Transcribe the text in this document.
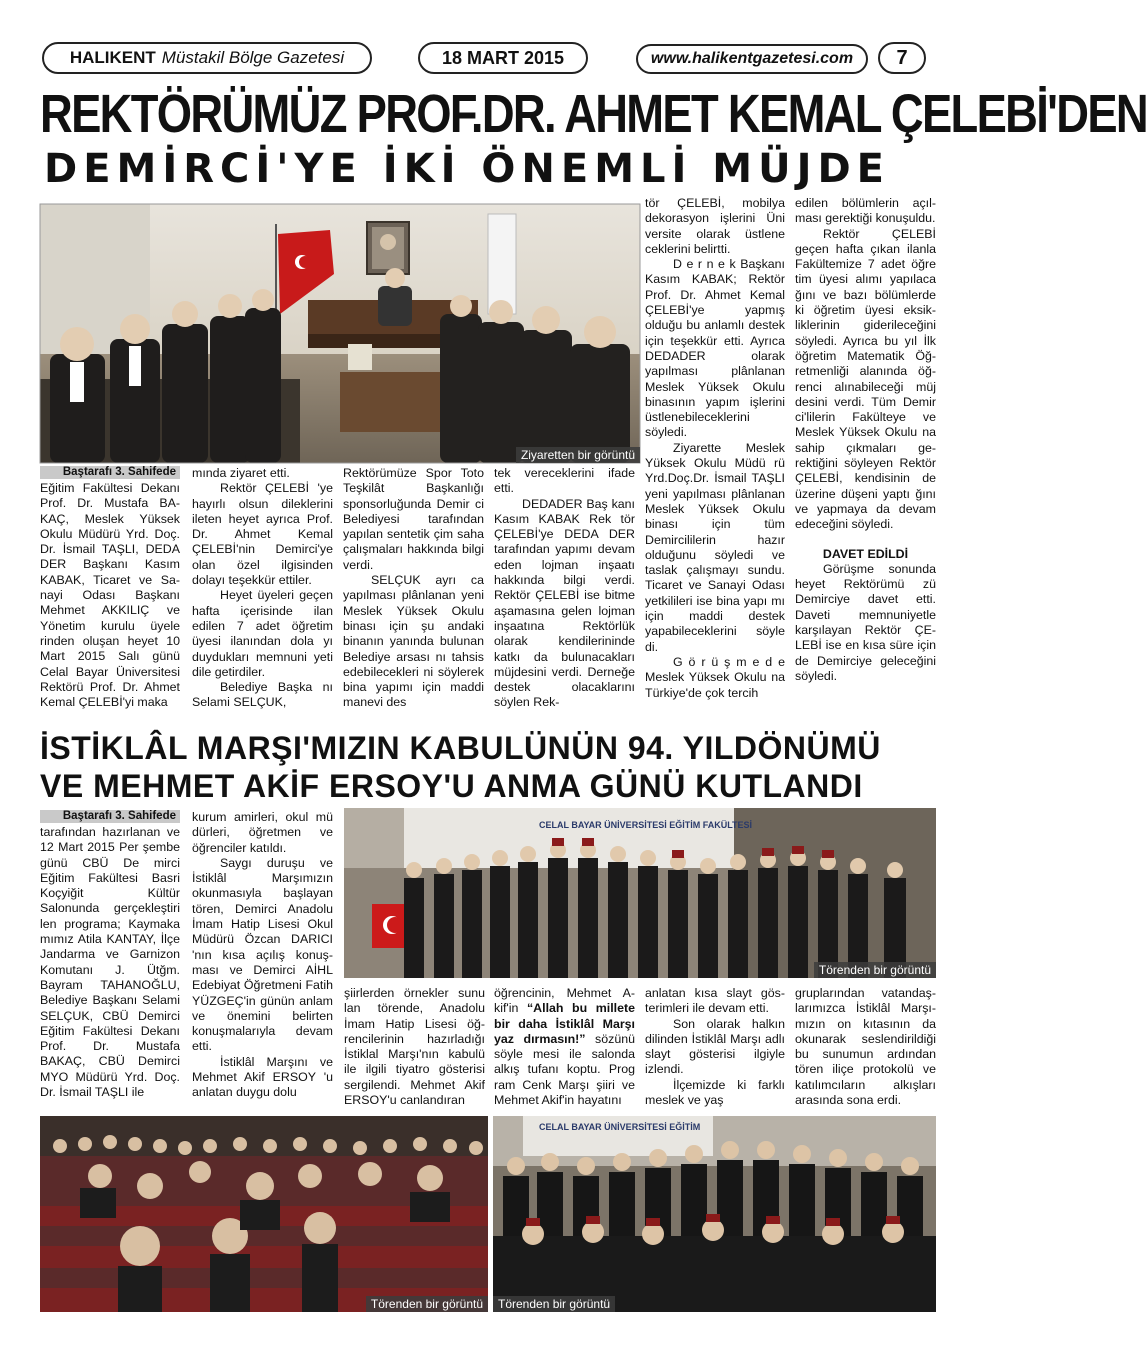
HALIKENT Müstakil Bölge Gazetesi	18 MART 2015	www.halikentgazetesi.com	7
REKTÖRÜMÜZ PROF.DR. AHMET KEMAL ÇELEBİ'DEN
DEMİRCİ'YE İKİ ÖNEMLİ MÜJDE
Ziyaretten bir görüntü
Baştarafı 3. Sahifede

Eğitim Fakültesi Dekanı Prof. Dr. Mustafa BAKAÇ, Meslek Yüksek Okulu Müdürü Yrd. Doç. Dr. İsmail TAŞLI, DEDA DER Başkanı Kasım KABAK, Ticaret ve Sanayi Odası Başkanı Mehmet AKKILIÇ ve Yönetim kurulu üyele rinden oluşan heyet 10 Mart 2015 Salı günü Celal Bayar Üniversitesi Rektörü Prof. Dr. Ahmet Kemal ÇELEBİ'yi maka

mında ziyaret etti.

Rektör ÇELEBİ 'ye hayırlı olsun dileklerini ileten heyet ayrıca Prof. Dr. Ahmet Kemal ÇELEBİ'nin Demirci'ye olan özel ilgisinden dolayı teşekkür ettiler.

Heyet üyeleri geçen hafta içerisinde ilan edilen 7 adet öğretim üyesi ilanından dola yı duydukları memnuni yeti dile getirdiler.

Belediye Başka nı Selami SELÇUK,

Rektörümüze Spor Toto Teşkilât Başkanlığı sponsorluğunda Demir ci Belediyesi tarafından yapılan sentetik çim saha çalışmaları hakkında bilgi verdi.

SELÇUK ayrı ca yapılması plânlanan yeni Meslek Yüksek Okulu binası için şu andaki binanın yanında bulunan Belediye arsası nı tahsis edebilecekleri ni söylerek bina yapımı için maddi manevi des

tek vereceklerini ifade etti.

DEDADER Baş kanı Kasım KABAK Rek tör ÇELEBİ'ye DEDA DER tarafından yapımı devam eden lojman inşaatı hakkında bilgi verdi. Rektör ÇELEBİ ise bitme aşamasına gelen lojman inşaatına Rektörlük olarak kendilerininde katkı da bulunacakları müjdesini verdi. Derneğe destek olacaklarını söylen Rek-

tör ÇELEBİ, mobilya dekorasyon işlerini Üni versite olarak üstlene ceklerini belirtti.

D e r n e k Başkanı Kasım KABAK; Rektör Prof. Dr. Ahmet Kemal ÇELEBİ'ye yapmış olduğu bu anlamlı destek için teşekkür etti. Ayrıca DEDADER olarak yapılması plânlanan Meslek Yüksek Okulu binasının yapım işlerini üstlenebileceklerini söyledi.

Ziyarette Meslek Yüksek Okulu Müdü rü Yrd.Doç.Dr. İsmail TAŞLI yeni yapılması plânlanan Meslek Yüksek Okulu binası için tüm Demircililerin hazır olduğunu söyledi ve taslak çalışmayı sundu. Ticaret ve Sanayi Odası yetkilileri ise bina yapı mı için maddi destek yapabileceklerini söyle di.

G ö r ü ş m e d e Meslek Yüksek Okulu na Türkiye'de çok tercih

edilen bölümlerin açılması gerektiği konuşuldu.

Rektör ÇELEBİ geçen hafta çıkan ilanla Fakültemize 7 adet öğre tim üyesi alımı yapılaca ğını ve bazı bölümlerde ki öğretim üyesi eksikliklerinin giderileceğini söyledi. Ayrıca bu yıl İlk öğretim Matematik Öğretmenliği alanında öğrenci alınabileceği müj desini verdi. Tüm Demir ci'lilerin Fakülteye ve Meslek Yüksek Okulu na sahip çıkmaları gerektiğini söyleyen Rektör ÇELEBİ, kendisinin de üzerine düşeni yaptı ğını ve yapmaya da devam edeceğini söyledi.

DAVET EDİLDİ

Görüşme sonunda heyet Rektörümü zü Demirciye davet etti. Daveti memnuniyetle karşılayan Rektör ÇELEBİ ise en kısa süre için de Demirciye geleceğini söyledi.

İSTİKLÂL MARŞI'MIZIN KABULÜNÜN 94. YILDÖNÜMÜ
VE MEHMET AKİF ERSOY'U ANMA GÜNÜ KUTLANDI
Baştarafı 3. Sahifede

tarafından hazırlanan ve 12 Mart 2015 Per şembe günü CBÜ De mirci Eğitim Fakültesi Basri Koçyiğit Kültür Salonunda gerçekleştiri len programa; Kaymaka mımız Atila KANTAY, İlçe Jandarma ve Garnizon Komutanı J. Ütğm. Bayram TAHANOĞLU, Belediye Başkanı Selami SELÇUK, CBÜ Demirci Eğitim Fakültesi Dekanı Prof. Dr. Mustafa BAKAÇ, CBÜ Demirci MYO Müdürü Yrd. Doç. Dr. İsmail TAŞLI ile

kurum amirleri, okul mü dürleri, öğretmen ve öğrenciler katıldı.

Saygı duruşu ve İstiklâl Marşımızın okunmasıyla başlayan tören, Demirci Anadolu İmam Hatip Lisesi Okul Müdürü Özcan DARICI 'nın kısa açılış konuşması ve Demirci AİHL Edebiyat Öğretmeni Fatih YÜZGEÇ'in günün anlam ve önemini belirten konuşmalarıyla devam etti.

İstiklâl Marşını ve Mehmet Akif ERSOY 'u anlatan duygu dolu

CELAL BAYAR ÜNİVERSİTESİ EĞİTİM FAKÜLTESİ
Törenden bir görüntü

şiirlerden örnekler sunu lan törende, Anadolu İmam Hatip Lisesi öğrencilerinin hazırladığı İstiklal Marşı'nın kabulü ile ilgili tiyatro gösterisi sergilendi. Mehmet Akif ERSOY'u canlandıran

öğrencinin, Mehmet Akif'in “Allah bu millete bir daha İstiklâl Marşı yaz dırmasın!” sözünü söyle mesi ile salonda alkış tufanı koptu. Prog ram Cenk Marşı şiiri ve Mehmet Akif'in hayatını

anlatan kısa slayt gösterimleri ile devam etti.

Son olarak halkın dilinden İstiklâl Marşı adlı slayt gösterisi ilgiyle izlendi.

İlçemizde ki farklı meslek ve yaş

gruplarından vatandaşlarımızca İstiklâl Marşımızın on kıtasının da okunarak seslendirildiği bu sunumun ardından tören iliçe protokolü ve katılımcıların alkışları arasında sona erdi.

Törenden bir görüntü
CELAL BAYAR ÜNİVERSİTESİ EĞİTİM
Törenden bir görüntü
